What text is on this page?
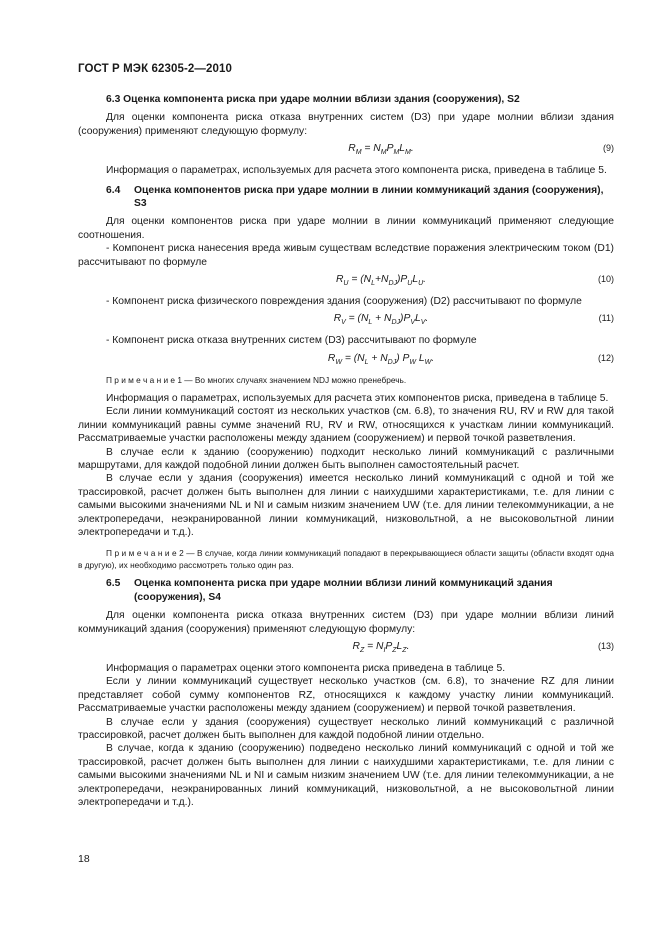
ГОСТ Р МЭК 62305-2—2010
6.3 Оценка компонента риска при ударе молнии вблизи здания (сооружения), S2

Для оценки компонента риска отказа внутренних систем (D3) при ударе молнии вблизи здания (сооружения) применяют следующую формулу:

$R_M = N_MP_ML_M$.	(9)

Информация о параметрах, используемых для расчета этого компонента риска, приведена в таблице 5.

6.4	Оценка компонентов риска при ударе молнии в линии коммуникаций здания (сооружения), S3

Для оценки компонентов риска при ударе молнии в линии коммуникаций применяют следующие соотношения.

- Компонент риска нанесения вреда живым существам вследствие поражения электрическим током (D1) рассчитывают по формуле

$R_U = (N_L+N_{DJ})P_UL_U$.	(10)

- Компонент риска физического повреждения здания (сооружения) (D2) рассчитывают по формуле

$R_V = (N_L + N_{DJ})P_VL_V$.	(11)

- Компонент риска отказа внутренних систем (D3) рассчитывают по формуле

$R_W = (N_L + N_{DJ})$ $P_W$ $L_W$.	(12)

П р и м е ч а н и е 1 — Во многих случаях значением NDJ можно пренебречь.

Информация о параметрах, используемых для расчета этих компонентов риска, приведена в таблице 5.

Если линии коммуникаций состоят из нескольких участков (см. 6.8), то значения RU, RV и RW для такой линии коммуникаций равны сумме значений RU, RV и RW, относящихся к участкам линии коммуникаций. Рассматриваемые участки расположены между зданием (сооружением) и первой точкой разветвления.

В случае если к зданию (сооружению) подходит несколько линий коммуникаций с различными маршрутами, для каждой подобной линии должен быть выполнен самостоятельный расчет.

В случае если у здания (сооружения) имеется несколько линий коммуникаций с одной и той же трассировкой, расчет должен быть выполнен для линии с наихудшими характеристиками, т.е. для линии с самыми высокими значениями NL и NI и самым низким значением UW (т.е. для линии телекоммуникации, а не электропередачи, неэкранированной линии коммуникаций, низковольтной, а не высоковольтной линии электропередачи и т.д.).

П р и м е ч а н и е 2 — В случае, когда линии коммуникаций попадают в перекрывающиеся области защиты (области входят одна в другую), их необходимо рассмотреть только один раз.

6.5	Оценка компонента риска при ударе молнии вблизи линий коммуникаций здания (сооружения), S4

Для оценки компонента риска отказа внутренних систем (D3) при ударе молнии вблизи линий коммуникаций здания (сооружения) применяют следующую формулу:

$R_Z = N_IP_ZL_Z$.	(13)

Информация о параметрах оценки этого компонента риска приведена в таблице 5.

Если у линии коммуникаций существует несколько участков (см. 6.8), то значение RZ для линии представляет собой сумму компонентов RZ, относящихся к каждому участку линии коммуникаций. Рассматриваемые участки расположены между зданием (сооружением) и первой точкой разветвления.

В случае если у здания (сооружения) существует несколько линий коммуникаций с различной трассировкой, расчет должен быть выполнен для каждой подобной линии отдельно.

В случае, когда к зданию (сооружению) подведено несколько линий коммуникаций с одной и той же трассировкой, расчет должен быть выполнен для линии с наихудшими характеристиками, т.е. для линии с самыми высокими значениями NL и NI и самым низким значением UW (т.е. для линии телекоммуникации, а не электропередачи, неэкранированных линий коммуникаций, низковольтной, а не высоковольтной линии электропередачи и т.д.).

18
